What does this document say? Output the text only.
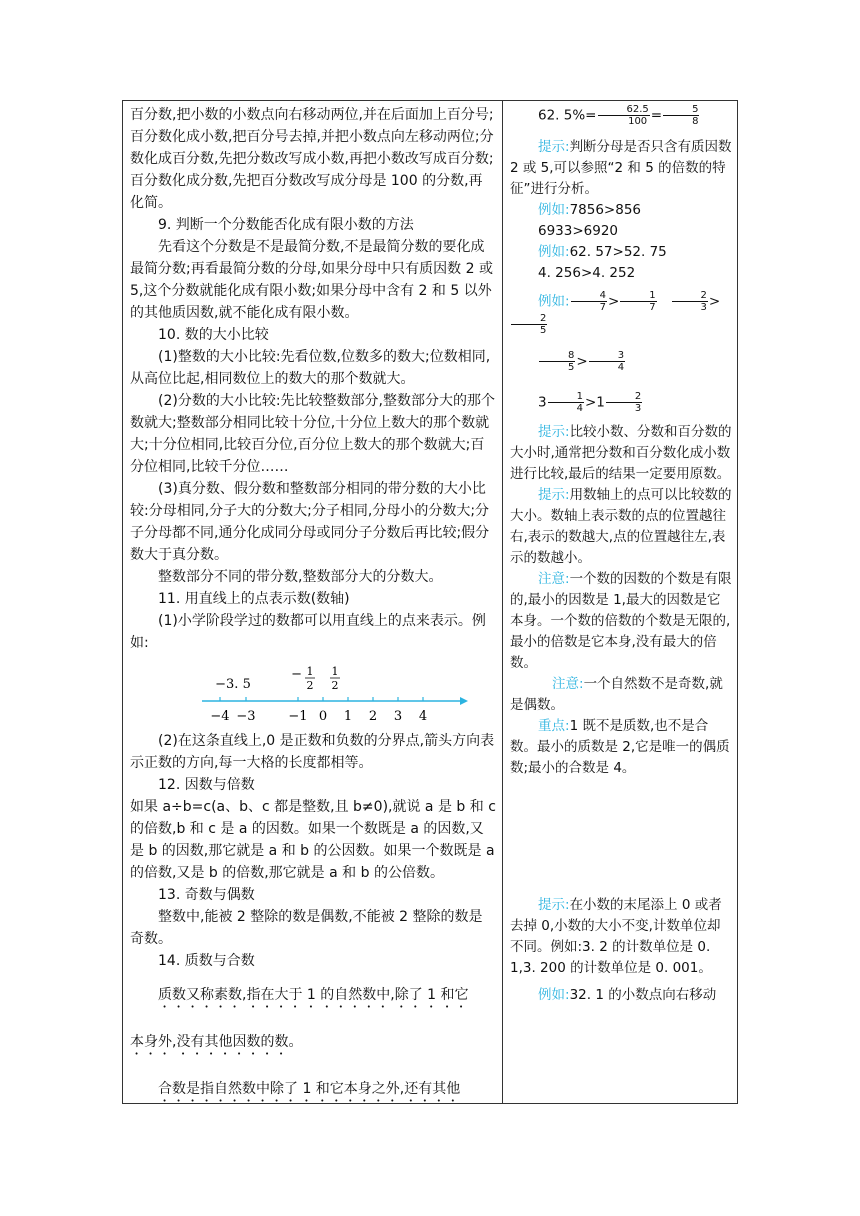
百分数,把小数的小数点向右移动两位,并在后面加上百分号;百分数化成小数,把百分号去掉,并把小数点向左移动两位;分数化成百分数,先把分数改写成小数,再把小数改写成百分数;百分数化成分数,先把百分数改写成分母是 100 的分数,再化简。

9. 判断一个分数能否化成有限小数的方法

先看这个分数是不是最简分数,不是最简分数的要化成最简分数;再看最简分数的分母,如果分母中只有质因数 2 或 5,这个分数就能化成有限小数;如果分母中含有 2 和 5 以外的其他质因数,就不能化成有限小数。

10. 数的大小比较

(1)整数的大小比较:先看位数,位数多的数大;位数相同,从高位比起,相同数位上的数大的那个数就大。

(2)分数的大小比较:先比较整数部分,整数部分大的那个数就大;整数部分相同比较十分位,十分位上数大的那个数就大;十分位相同,比较百分位,百分位上数大的那个数就大;百分位相同,比较千分位……

(3)真分数、假分数和整数部分相同的带分数的大小比较:分母相同,分子大的分数大;分子相同,分母小的分数大;分子分母都不同,通分化成同分母或同分子分数后再比较;假分数大于真分数。

整数部分不同的带分数,整数部分大的分数大。

11. 用直线上的点表示数(数轴)

(1)小学阶段学过的数都可以用直线上的点来表示。例如:

−3. 5
− 1
2
1
2
−4 −3	−1 0 1 2 3 4

(2)在这条直线上,0 是正数和负数的分界点,箭头方向表示正数的方向,每一大格的长度都相等。

12. 因数与倍数

如果 a÷b=c(a、b、c 都是整数,且 b≠0),就说 a 是 b 和 c 的倍数,b 和 c 是 a 的因数。如果一个数既是 a 的因数,又是 b 的因数,那它就是 a 和 b 的公因数。如果一个数既是 a 的倍数,又是 b 的倍数,那它就是 a 和 b 的公倍数。

13. 奇数与偶数

整数中,能被 2 整除的数是偶数,不能被 2 整除的数是奇数。

14. 质数与合数

质数又称素数,指在大于 1 的自然数中,除了 1 和它

本身外,没有其他因数的数。

合数是指自然数中除了 1 和它本身之外,还有其他

62. $5\%= \frac{62.5}{100} = \frac{5}{8}$

提示:判断分母是否只含有质因数 2 或 5,可以参照“2 和 5 的倍数的特征”进行分析。

例如:7856>856

6933>6920

例如:62. 57>52. 75

4. 256>4. 252

例如: $\frac{4}{7} > \frac{1}{7}$
$\frac{2}{3}$ >
$\frac{2}{5}$

$\frac{8}{5} > \frac{3}{4}$

$3 \frac{1}{4} >1 \frac{2}{3}$

提示:比较小数、分数和百分数的大小时,通常把分数和百分数化成小数进行比较,最后的结果一定要用原数。

提示:用数轴上的点可以比较数的大小。数轴上表示数的点的位置越往右,表示的数越大,点的位置越往左,表示的数越小。

注意:一个数的因数的个数是有限的,最小的因数是 1,最大的因数是它本身。一个数的倍数的个数是无限的,最小的倍数是它本身,没有最大的倍数。

注意:一个自然数不是奇数,就是偶数。

重点:1 既不是质数,也不是合数。最小的质数是 2,它是唯一的偶质数;最小的合数是 4。

提示:在小数的末尾添上 0 或者去掉 0,小数的大小不变,计数单位却不同。例如:3. 2 的计数单位是 0. 1,3. 200 的计数单位是 0. 001。

例如:32. 1 的小数点向右移动
